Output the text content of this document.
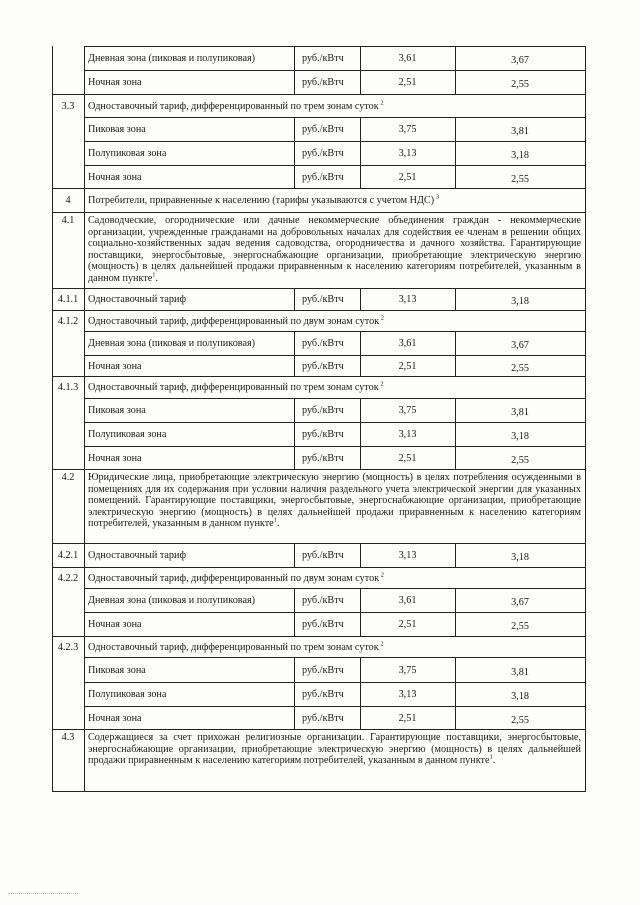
Дневная зона (пиковая и полупиковая)	руб./кВтч	3,61	3,67
Ночная зона	руб./кВтч	2,51	2,55
3.3	Одноставочный тариф, дифференцированный по трем зонам суток $^2$
Пиковая зона	руб./кВтч	3,75	3,81
Полупиковая зона	руб./кВтч	3,13	3,18
Ночная зона	руб./кВтч	2,51	2,55
4	Потребители, приравненные к населению (тарифы указываются с учетом НДС) $^3$
4.1	Садоводческие, огороднические или дачные некоммерческие объединения граждан - некоммерческие организации, учрежденные гражданами на добровольных началах для содействия ее членам в решении общих социально-хозяйственных задач ведения садоводства, огородничества и дачного хозяйства. Гарантирующие поставщики, энергосбытовые, энергоснабжающие организации, приобретающие электрическую энергию (мощность) в целях дальнейшей продажи приравненным к населению категориям потребителей, указанным в данном пункте$^1$.
4.1.1 Одноставочный тариф	руб./кВтч	3,13	3,18
4.1.2 Одноставочный тариф, дифференцированный по двум зонам суток $^2$
Дневная зона (пиковая и полупиковая)	руб./кВтч	3,61	3,67
Ночная зона	руб./кВтч	2,51	2,55
4.1.3 Одноставочный тариф, дифференцированный по трем зонам суток $^2$
Пиковая зона	руб./кВтч	3,75	3,81
Полупиковая зона	руб./кВтч	3,13	3,18
Ночная зона	руб./кВтч	2,51	2,55
4.2	Юридические лица, приобретающие электрическую энергию (мощность) в целях потребления осужденными в помещениях для их содержания при условии наличия раздельного учета электрической энергии для указанных помещений. Гарантирующие поставщики, энергосбытовые, энергоснабжающие организации, приобретающие электрическую энергию (мощность) в целях дальнейшей продажи приравненным к населению категориям потребителей, указанным в данном пункте$^1$.
4.2.1 Одноставочный тариф	руб./кВтч	3,13	3,18
4.2.2 Одноставочный тариф, дифференцированный по двум зонам суток $^2$
Дневная зона (пиковая и полупиковая)	руб./кВтч	3,61	3,67
Ночная зона	руб./кВтч	2,51	2,55
4.2.3 Одноставочный тариф, дифференцированный по трем зонам суток $^2$
Пиковая зона	руб./кВтч	3,75	3,81
Полупиковая зона	руб./кВтч	3,13	3,18
Ночная зона	руб./кВтч	2,51	2,55
4.3	Содержащиеся за счет прихожан религиозные организации. Гарантирующие поставщики, энергосбытовые, энергоснабжающие организации, приобретающие электрическую энергию (мощность) в целях дальнейшей продажи приравненным к населению категориям потребителей, указанным в данном пункте$^1$.
